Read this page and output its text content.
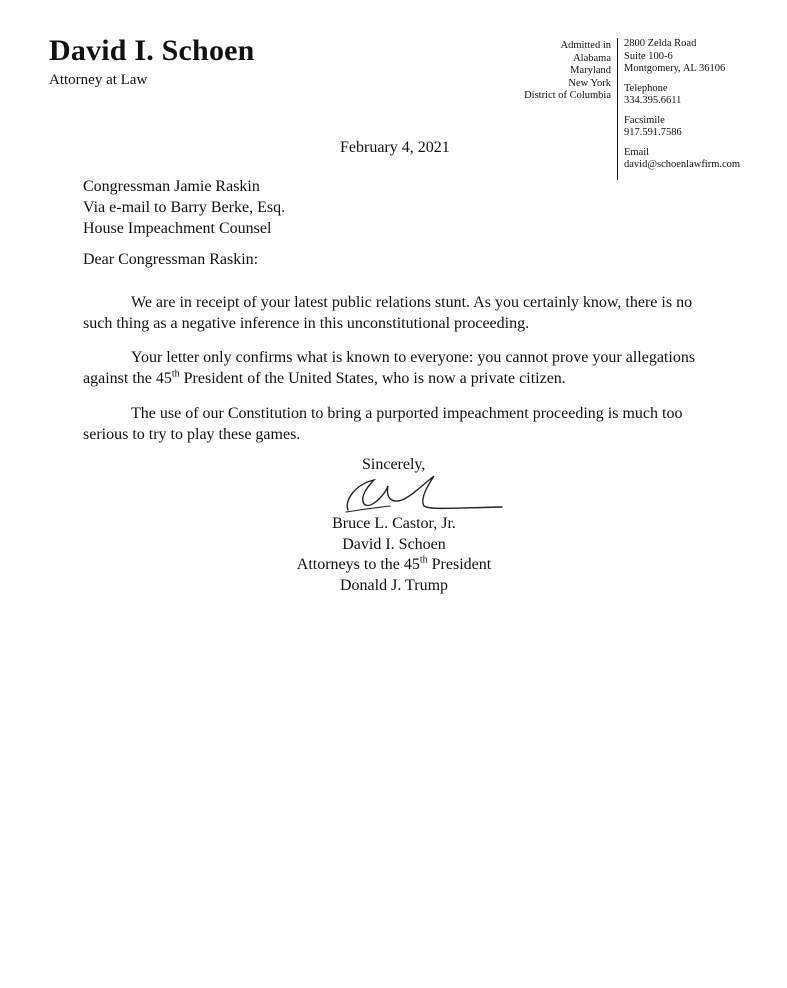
David I. Schoen
Attorney at Law
Admitted in
Alabama
Maryland
New York
District of Columbia
2800 Zelda Road
Suite 100-6
Montgomery, AL 36106
Telephone
334.395.6611
Facsimile
917.591.7586
Email
david@schoenlawfirm.com
February 4, 2021
Congressman Jamie Raskin
Via e-mail to Barry Berke, Esq.
House Impeachment Counsel
Dear Congressman Raskin:
We are in receipt of your latest public relations stunt. As you certainly know, there is no
such thing as a negative inference in this unconstitutional proceeding.
Your letter only confirms what is known to everyone: you cannot prove your allegations
against the 45th President of the United States, who is now a private citizen.
The use of our Constitution to bring a purported impeachment proceeding is much too
serious to try to play these games.
Sincerely,
Bruce L. Castor, Jr.
David I. Schoen
Attorneys to the 45th President
Donald J. Trump
